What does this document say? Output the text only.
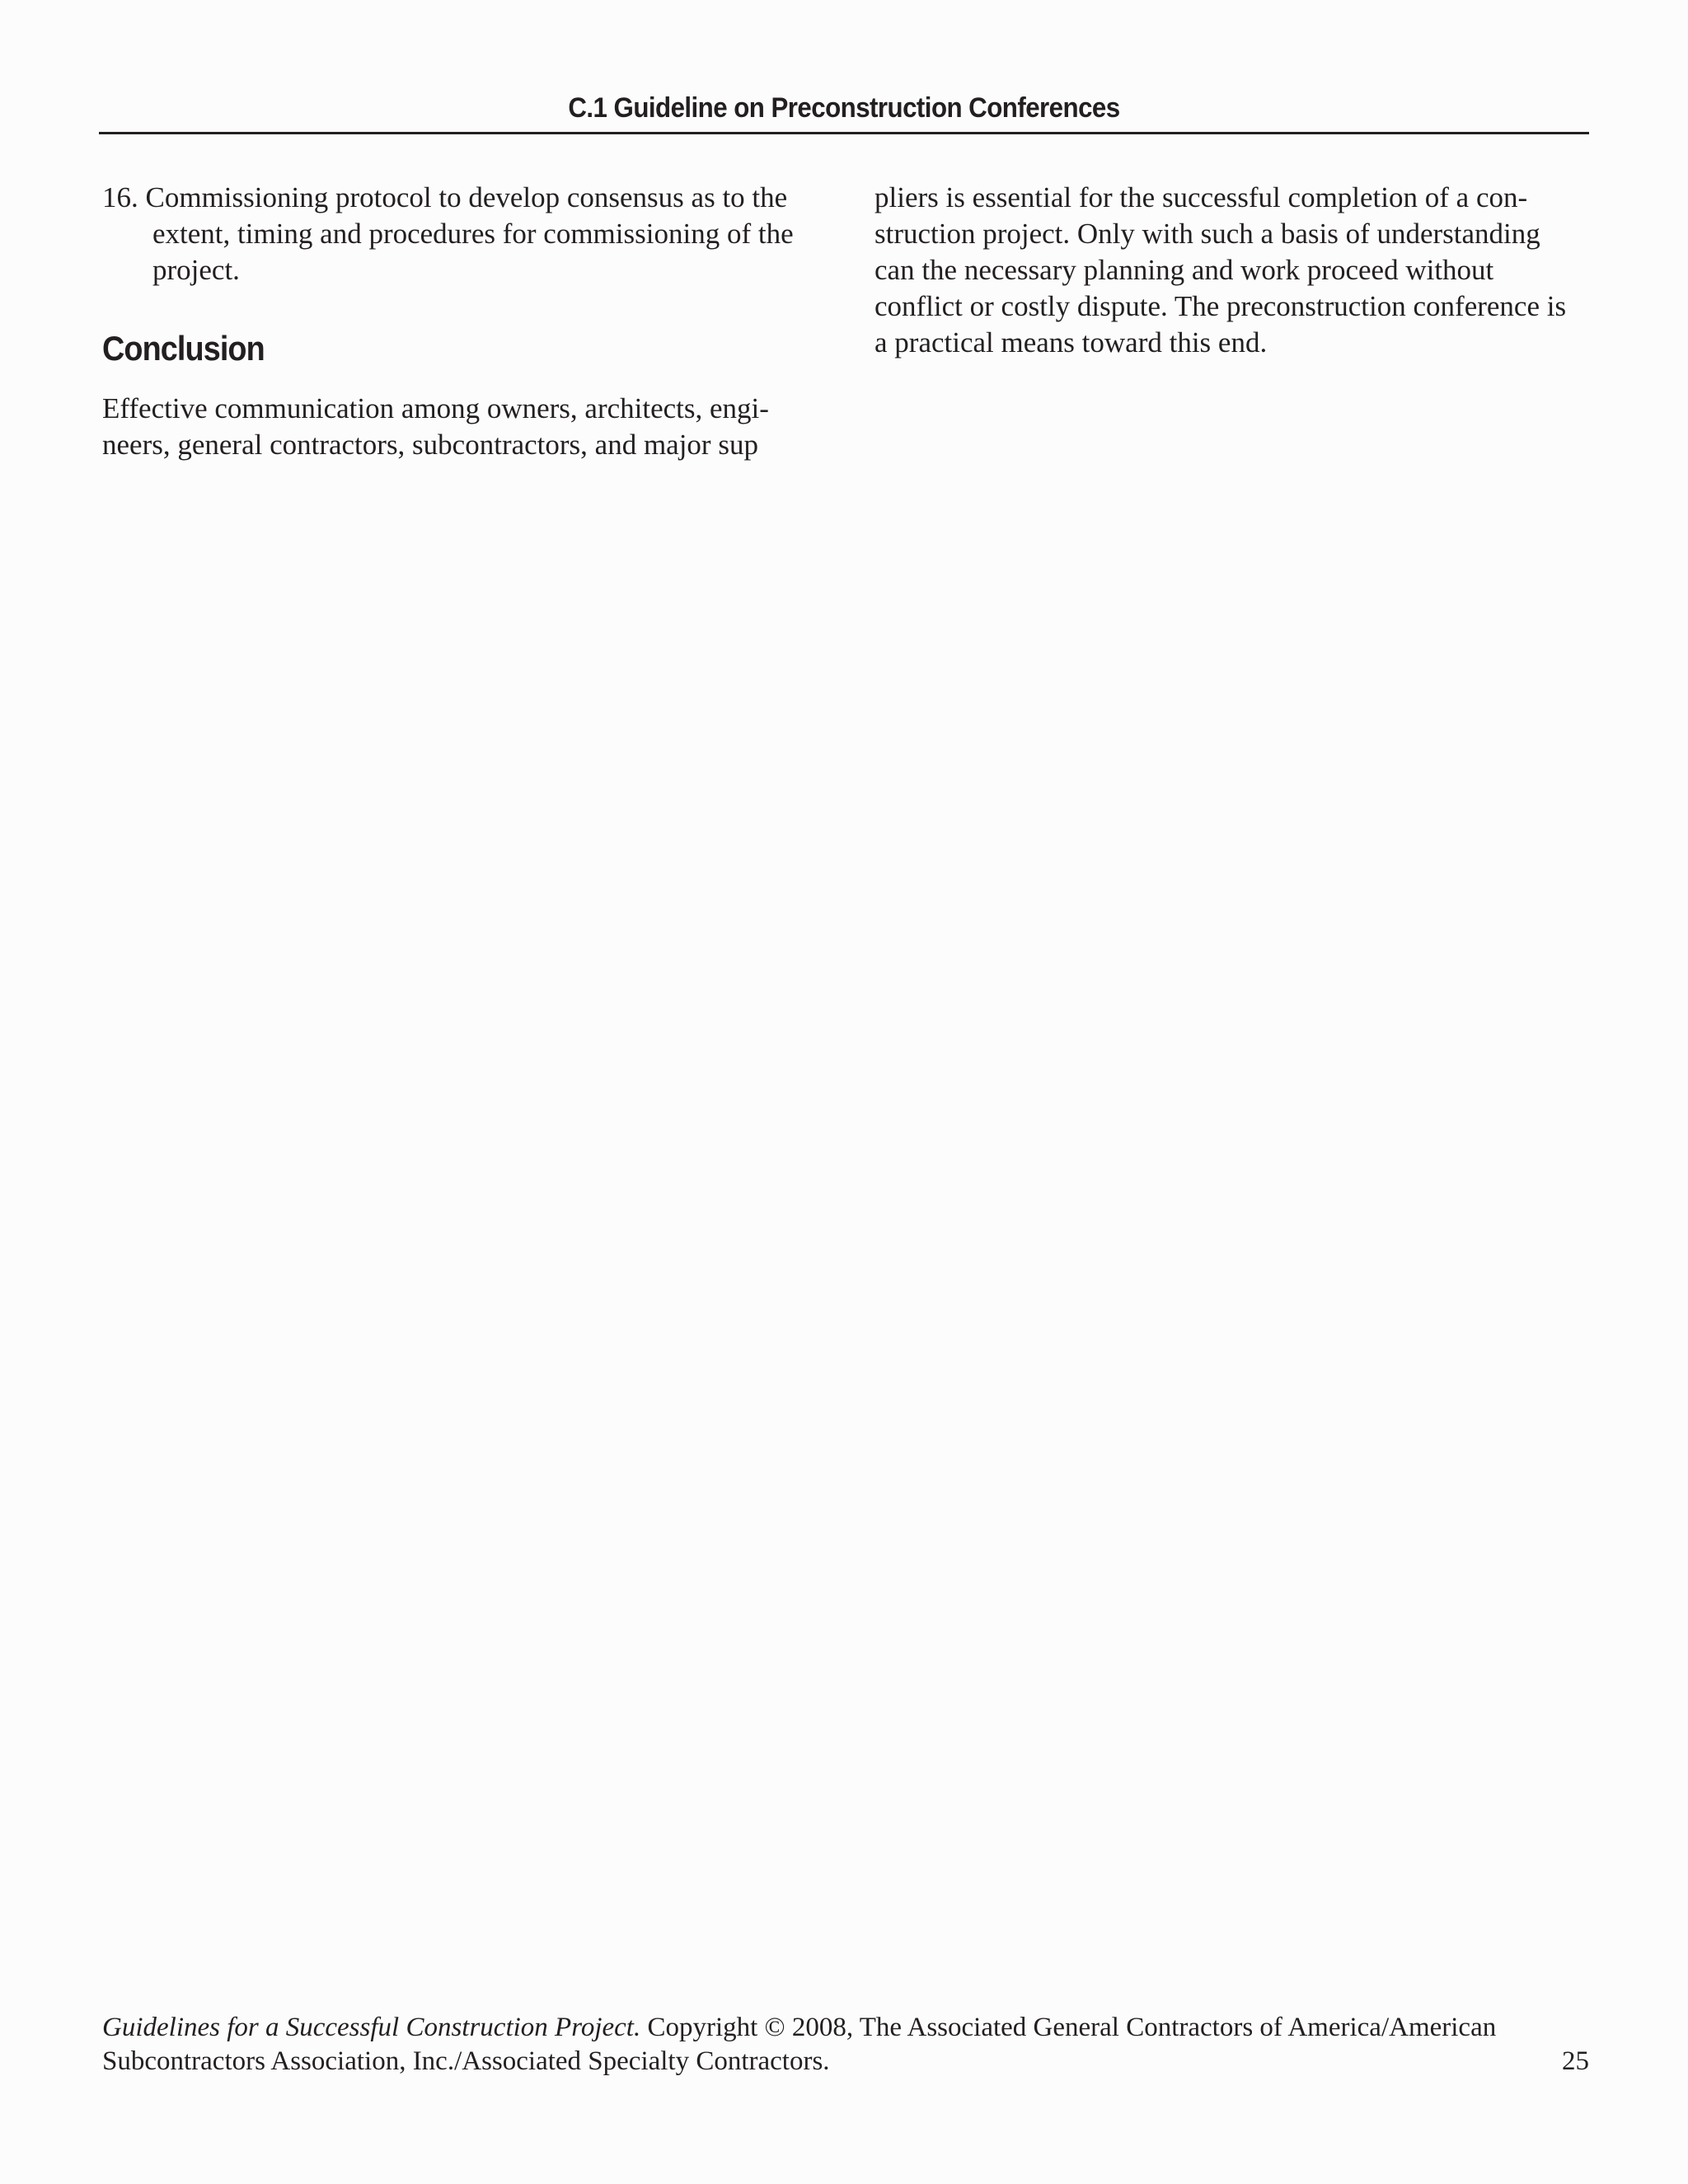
C.1 Guideline on Preconstruction Conferences

16. Commissioning protocol to develop consensus as to the extent, timing and procedures for commissioning of the project.

Conclusion

Effective communication among owners, architects, engineers, general contractors, subcontractors, and major sup

pliers is essential for the successful completion of a construction project. Only with such a basis of understanding can the necessary planning and work proceed without conflict or costly dispute. The preconstruction conference is a practical means toward this end.

Guidelines for a Successful Construction Project. Copyright © 2008, The Associated General Contractors of America/American
Subcontractors Association, Inc./Associated Specialty Contractors.	25
